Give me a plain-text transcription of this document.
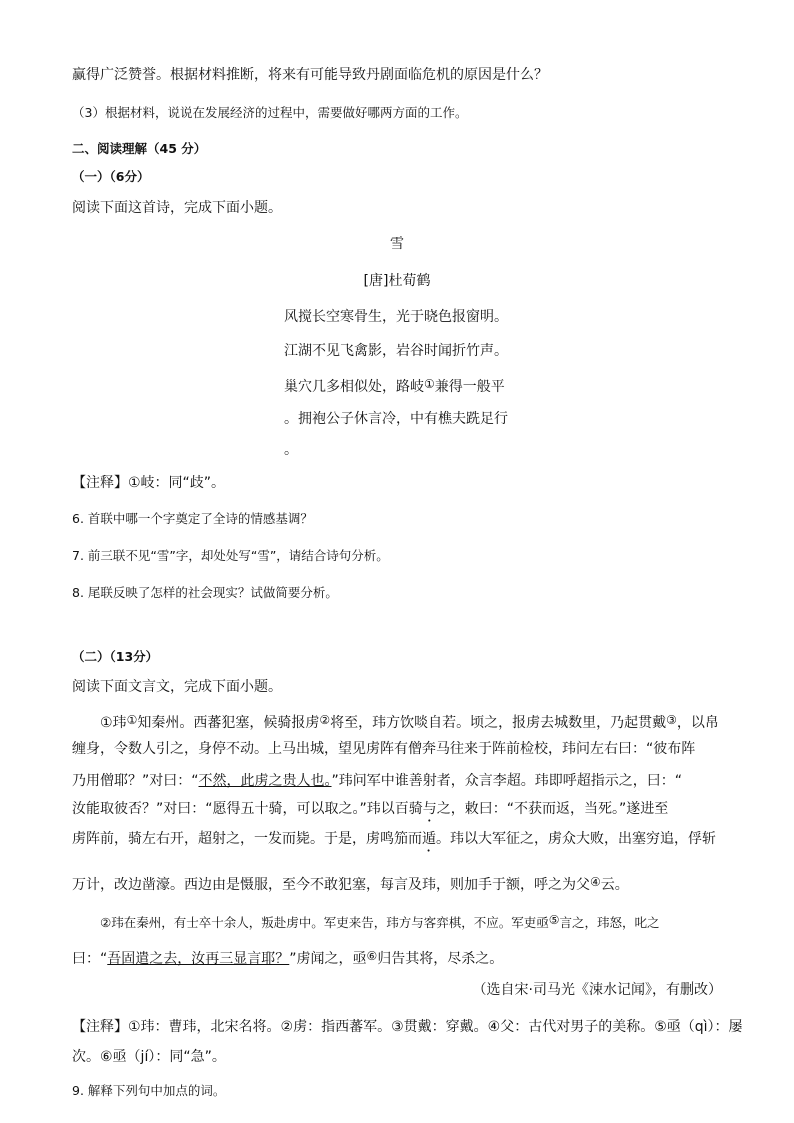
赢得广泛赞誉。根据材料推断，将来有可能导致丹剧面临危机的原因是什么？
（3）根据材料，说说在发展经济的过程中，需要做好哪两方面的工作。
二、阅读理解（45 分）
（一）（6分）
阅读下面这首诗，完成下面小题。
雪
[唐]杜荀鹤
风搅长空寒骨生，光于晓色报窗明。
江湖不见飞禽影，岩谷时闻折竹声。
巢穴几多相似处，路岐①兼得一般平
。拥袍公子休言冷，中有樵夫跣足行
。
【注释】①岐：同“歧”。
6. 首联中哪一个字奠定了全诗的情感基调？
7. 前三联不见“雪”字，却处处写“雪”，请结合诗句分析。
8. 尾联反映了怎样的社会现实？试做简要分析。
（二）（13分）
阅读下面文言文，完成下面小题。
①玮①知秦州。西蕃犯塞，候骑报虏②将至，玮方饮啖自若。顷之，报虏去城数里，乃起贯戴③，以帛
缠身，令数人引之，身停不动。上马出城，望见虏阵有僧奔马往来于阵前检校，玮问左右曰：“彼布阵
乃用僧耶？”对曰：“不然，此虏之贵人也。”玮问军中谁善射者，众言李超。玮即呼超指示之，曰：“
汝能取彼否？”对曰：“愿得五十骑，可以取之。”玮以百骑与之，敕曰：“不获而返，当死。”遂进至
虏阵前，骑左右开，超射之，一发而毙。于是，虏鸣笳而遁。玮以大军征之，虏众大败，出塞穷追，俘斩
万计，改边凿濠。西边由是慑服，至今不敢犯塞，每言及玮，则加手于额，呼之为父④云。
②玮在秦州，有士卒十余人，叛赴虏中。军吏来告，玮方与客弈棋，不应。军吏亟⑤言之，玮怒，叱之
曰：“吾固遣之去，汝再三显言耶？”虏闻之，亟⑥归告其将，尽杀之。
（选自宋·司马光《涑水记闻》，有删改）
【注释】①玮：曹玮，北宋名将。②虏：指西蕃军。③贯戴：穿戴。④父：古代对男子的美称。⑤亟（qì）：屡
次。⑥亟（jí）：同“急”。
9. 解释下列句中加点的词。
